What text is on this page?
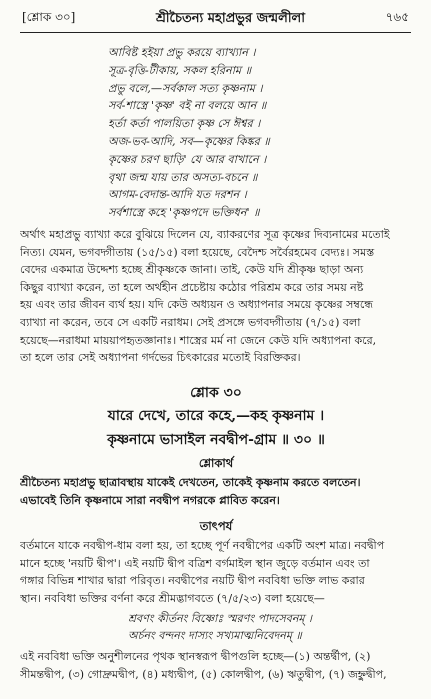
[শ্লোক ৩০]	শ্রীচৈতন্য মহাপ্রভুর জন্মলীলা	৭৬৫
আবিষ্ট হইয়া প্রভু করয়ে ব্যাখ্যান ।
সূত্র-বৃত্তি-টীকায়, সকল হরিনাম ॥
প্রভু বলে,—সর্বকাল সত্য কৃষ্ণনাম ।
সর্ব-শাস্ত্রে 'কৃষ্ণ' বই না বলয়ে আন ॥
হর্তা কর্তা পালয়িতা কৃষ্ণ সে ঈশ্বর ।
অজ-ভব-আদি, সব—কৃষ্ণের কিঙ্কর ॥
কৃষ্ণের চরণ ছাড়ি' যে আর বাখানে ।
বৃথা জন্ম যায় তার অসত্য-বচনে ॥
আগম-বেদান্ত-আদি যত দরশন ।
সর্বশাস্ত্রে কহে 'কৃষ্ণপদে ভক্তিধন' ॥
অর্থাৎ মহাপ্রভু ব্যাখ্যা করে বুঝিয়ে দিলেন যে, ব্যাকরণের সূত্র কৃষ্ণের দিব্যনামের মতোই
নিত্য। যেমন, ভগবদ্গীতায় (১৫/১৫) বলা হয়েছে, বেদৈশ্চ সর্বৈরহমেব বেদ্যঃ। সমস্ত
বেদের একমাত্র উদ্দেশ্য হচ্ছে শ্রীকৃষ্ণকে জানা। তাই, কেউ যদি শ্রীকৃষ্ণ ছাড়া অন্য
কিছুর ব্যাখ্যা করেন, তা হলে অর্থহীন প্রচেষ্টায় কঠোর পরিশ্রম করে তার সময় নষ্ট
হয় এবং তার জীবন ব্যর্থ হয়। যদি কেউ অধ্যয়ন ও অধ্যাপনার সময়ে কৃষ্ণের সম্বন্ধে
ব্যাখ্যা না করেন, তবে সে একটি নরাধম। সেই প্রসঙ্গে ভগবদ্গীতায় (৭/১৫) বলা
হয়েছে—নরাধমা মায়য়াপহৃতজ্ঞানাঃ। শাস্ত্রের মর্ম না জেনে কেউ যদি অধ্যাপনা করে,
তা হলে তার সেই অধ্যাপনা গর্দভের চিৎকারের মতোই বিরক্তিকর।
শ্লোক ৩০
যারে দেখে, তারে কহে,—কহ কৃষ্ণনাম ।
কৃষ্ণনামে ভাসাইল নবদ্বীপ-গ্রাম ॥ ৩০ ॥
শ্লোকার্থ
শ্রীচৈতন্য মহাপ্রভু ছাত্রাবস্থায় যাকেই দেখতেন, তাকেই কৃষ্ণনাম করতে বলতেন।
এভাবেই তিনি কৃষ্ণনামে সারা নবদ্বীপ নগরকে প্লাবিত করেন।
তাৎপর্য
বর্তমানে যাকে নবদ্বীপ-ধাম বলা হয়, তা হচ্ছে পূর্ণ নবদ্বীপের একটি অংশ মাত্র। নবদ্বীপ
মানে হচ্ছে 'নয়টি দ্বীপ'। এই নয়টি দ্বীপ বত্রিশ বর্গমাইল স্থান জুড়ে বর্তমান এবং তা
গঙ্গার বিভিন্ন শাখার দ্বারা পরিবৃত। নবদ্বীপের নয়টি দ্বীপ নববিধা ভক্তি লাভ করার
স্থান। নববিধা ভক্তির বর্ণনা করে শ্রীমদ্ভাগবতে (৭/৫/২৩) বলা হয়েছে—
শ্রবণং কীর্তনং বিষ্ণোঃ স্মরণং পাদসেবনম্ ।
অর্চনং বন্দনং দাস্যং সখ্যমাত্মনিবেদনম্ ॥
এই নববিধা ভক্তি অনুশীলনের পৃথক স্থানস্বরূপ দ্বীপগুলি হচ্ছে—(১) অন্তর্দ্বীপ, (২)
সীমন্তদ্বীপ, (৩) গোদ্রুমদ্বীপ, (৪) মধ্যদ্বীপ, (৫) কোলদ্বীপ, (৬) ঋতুদ্বীপ, (৭) জহ্নুদ্বীপ,
